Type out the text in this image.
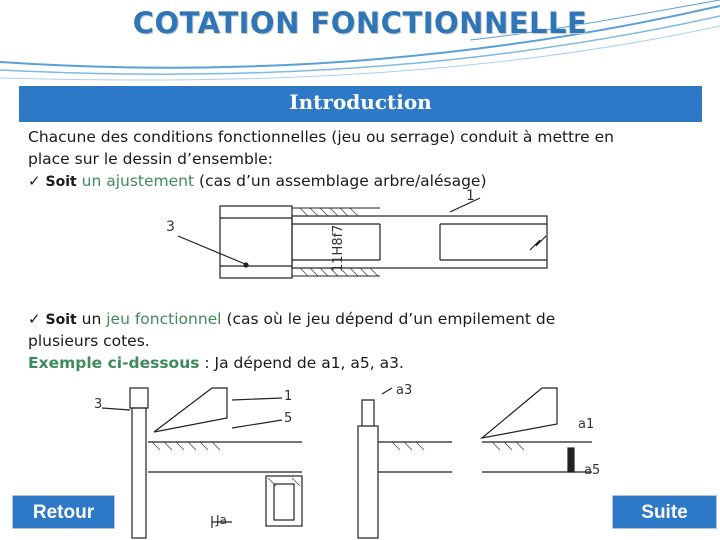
COTATION FONCTIONNELLE
Introduction
Chacune des conditions fonctionnelles (jeu ou serrage) conduit à mettre en
place sur le dessin d’ensemble:
✓ Soit un ajustement (cas d’un assemblage arbre/alésage)
3
1
11H8f7
✓ Soit un jeu fonctionnel (cas où le jeu dépend d’un empilement de
plusieurs cotes.
Exemple ci-dessous : Ja dépend de a1, a5, a3.
3
1
5
a3
a1
a5
Ja
Retour	Suite
